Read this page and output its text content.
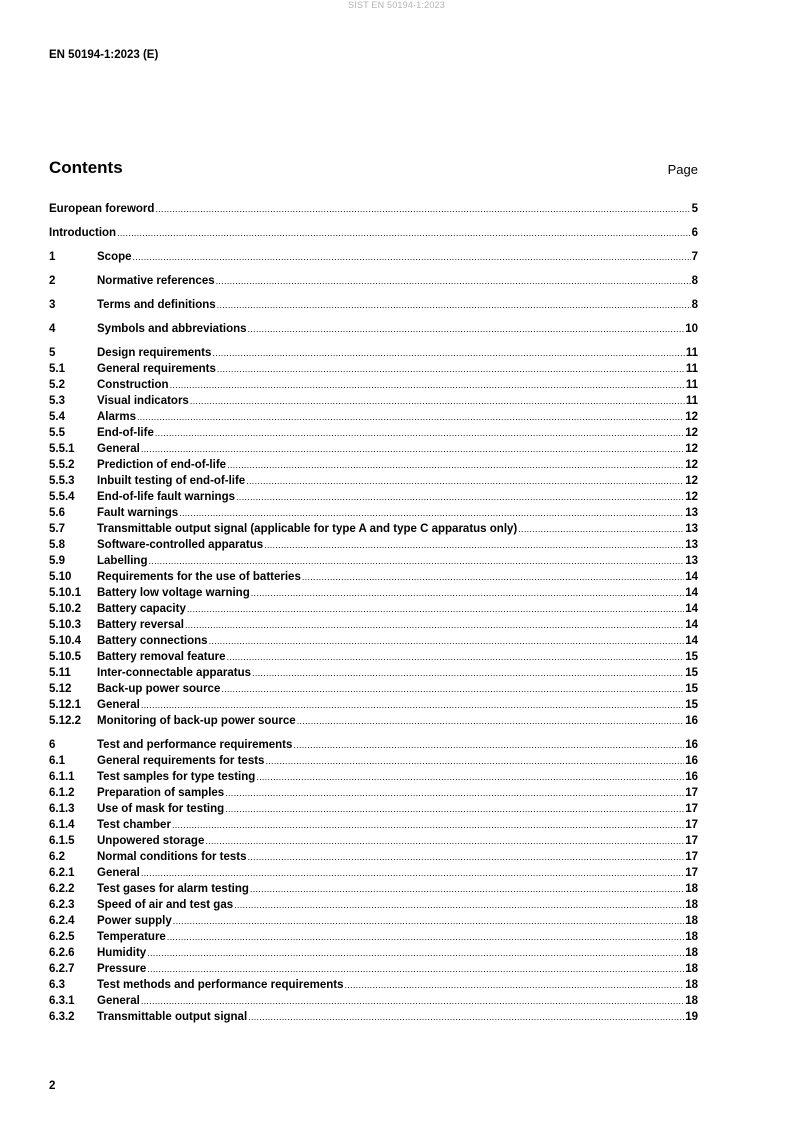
SIST EN 50194-1:2023
EN 50194-1:2023 (E)
Contents	Page
European foreword .....	5
Introduction .....	6
1	Scope .....	7
2	Normative references .....	8
3	Terms and definitions .....	8
4	Symbols and abbreviations .....	10
5	Design requirements .....	11
5.1	General requirements .....	11
5.2	Construction .....	11
5.3	Visual indicators .....	11
5.4	Alarms .....	12
5.5	End-of-life .....	12
5.5.1	General .....	12
5.5.2	Prediction of end-of-life .....	12
5.5.3	Inbuilt testing of end-of-life .....	12
5.5.4	End-of-life fault warnings .....	12
5.6	Fault warnings .....	13
5.7	Transmittable output signal (applicable for type A and type C apparatus only) .....	13
5.8	Software-controlled apparatus .....	13
5.9	Labelling .....	13
5.10	Requirements for the use of batteries .....	14
5.10.1	Battery low voltage warning .....	14
5.10.2	Battery capacity .....	14
5.10.3	Battery reversal .....	14
5.10.4	Battery connections .....	14
5.10.5	Battery removal feature .....	15
5.11	Inter-connectable apparatus .....	15
5.12	Back-up power source .....	15
5.12.1	General .....	15
5.12.2	Monitoring of back-up power source .....	16
6	Test and performance requirements .....	16
6.1	General requirements for tests .....	16
6.1.1	Test samples for type testing .....	16
6.1.2	Preparation of samples .....	17
6.1.3	Use of mask for testing .....	17
6.1.4	Test chamber .....	17
6.1.5	Unpowered storage .....	17
6.2	Normal conditions for tests .....	17
6.2.1	General .....	17
6.2.2	Test gases for alarm testing .....	18
6.2.3	Speed of air and test gas .....	18
6.2.4	Power supply .....	18
6.2.5	Temperature .....	18
6.2.6	Humidity .....	18
6.2.7	Pressure .....	18
6.3	Test methods and performance requirements .....	18
6.3.1	General .....	18
6.3.2	Transmittable output signal .....	19
2
